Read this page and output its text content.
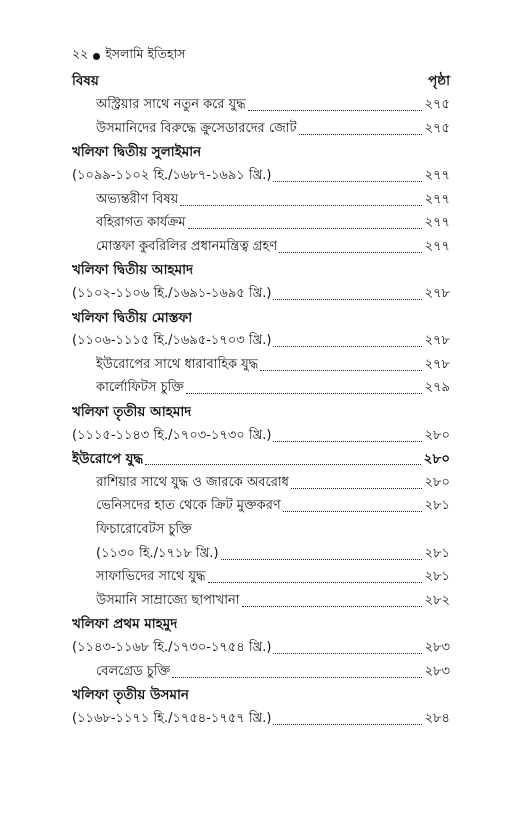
২২ ইসলামি ইতিহাস
বিষয়	পৃষ্ঠা
অস্ট্রিয়ার সাথে নতুন করে যুদ্ধ	২৭৫
উসমানিদের বিরুদ্ধে ক্রুসেডারদের জোট	২৭৫
খলিফা দ্বিতীয় সুলাইমান
(১০৯৯-১১০২ হি./১৬৮৭-১৬৯১ খ্রি.)	২৭৭
অভ্যন্তরীণ বিষয়	২৭৭
বহিরাগত কার্যক্রম	২৭৭
মোস্তফা কুবরিলির প্রধানমন্ত্রিত্ব গ্রহণ	২৭৭
খলিফা দ্বিতীয় আহমাদ
(১১০২-১১০৬ হি./১৬৯১-১৬৯৫ খ্রি.)	২৭৮
খলিফা দ্বিতীয় মোস্তফা
(১১০৬-১১১৫ হি./১৬৯৫-১৭০৩ খ্রি.)	২৭৮
ইউরোপের সাথে ধারাবাহিক যুদ্ধ	২৭৮
কার্লোফিটস চুক্তি	২৭৯
খলিফা তৃতীয় আহমাদ
(১১১৫-১১৪৩ হি./১৭০৩-১৭৩০ খ্রি.)	২৮০
ইউরোপে যুদ্ধ	২৮০
রাশিয়ার সাথে যুদ্ধ ও জারকে অবরোধ	২৮০
ভেনিসদের হাত থেকে ক্রিট মুক্তকরণ	২৮১
ফিচারোবেটস চুক্তি
(১১৩০ হি./১৭১৮ খ্রি.)	২৮১
সাফাভিদের সাথে যুদ্ধ	২৮১
উসমানি সাম্রাজ্যে ছাপাখানা	২৮২
খলিফা প্রথম মাহমুদ
(১১৪৩-১১৬৮ হি./১৭৩০-১৭৫৪ খ্রি.)	২৮৩
বেলগ্রেড চুক্তি	২৮৩
খলিফা তৃতীয় উসমান
(১১৬৮-১১৭১ হি./১৭৫৪-১৭৫৭ খ্রি.)	২৮৪
